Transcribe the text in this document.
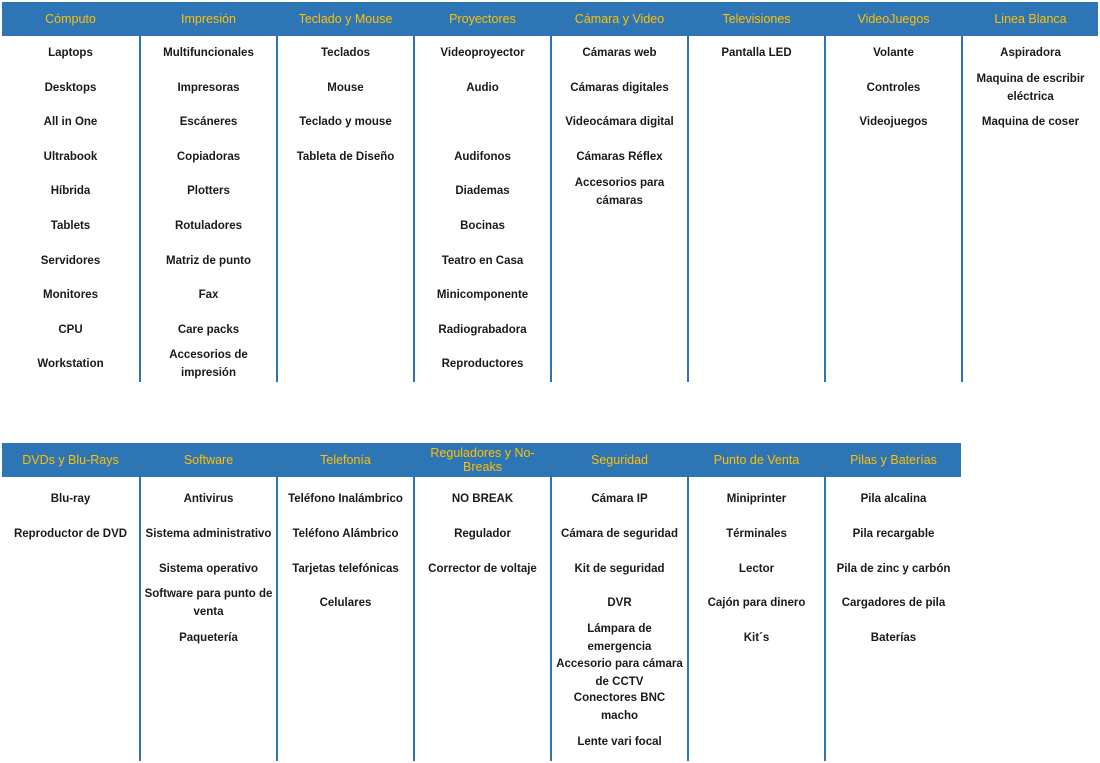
Cómputo
Laptops
Desktops
All in One
Ultrabook
Híbrida
Tablets
Servidores
Monitores
CPU
Workstation
Impresión
Multifuncionales
Impresoras
Escáneres
Copiadoras
Plotters
Rotuladores
Matriz de punto
Fax
Care packs
Accesorios de impresión
Teclado y Mouse
Teclados
Mouse
Teclado y mouse
Tableta de Diseño
Proyectores
Videoproyector
Audio
Audifonos
Diademas
Bocinas
Teatro en Casa
Minicomponente
Radiograbadora
Reproductores
Cámara y Video
Cámaras web
Cámaras digitales
Videocámara digital
Cámaras Réflex
Accesorios para cámaras
Televisiones
Pantalla LED
VideoJuegos
Volante
Controles
Videojuegos
Linea Blanca
Aspiradora
Maquina de escribir eléctrica
Maquina de coser
DVDs y Blu-Rays
Blu-ray
Reproductor de DVD
Software
Antivirus
Sistema administrativo
Sistema operativo
Software para punto de venta
Paquetería
Telefonía
Teléfono Inalámbrico
Teléfono Alámbrico
Tarjetas telefónicas
Celulares
Reguladores y No-Breaks
NO BREAK
Regulador
Corrector de voltaje
Seguridad
Cámara IP
Cámara de seguridad
Kit de seguridad
DVR
Lámpara de emergencia
Accesorio para cámara de CCTV
Conectores BNC macho
Lente vari focal
Punto de Venta
Miniprinter
Términales
Lector
Cajón para dinero
Kit´s
Pilas y Baterías
Pila alcalina
Pila recargable
Pila de zinc y carbón
Cargadores de pila
Baterías
